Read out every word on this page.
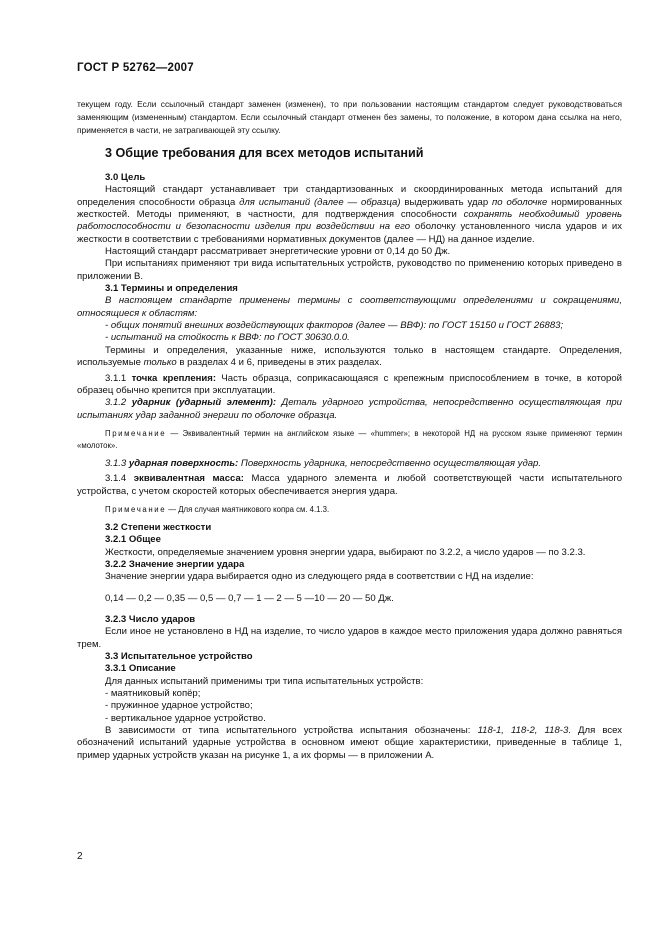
ГОСТ Р 52762—2007
текущем году. Если ссылочный стандарт заменен (изменен), то при пользовании настоящим стандартом следует руководствоваться заменяющим (измененным) стандартом. Если ссылочный стандарт отменен без замены, то положение, в котором дана ссылка на него, применяется в части, не затрагивающей эту ссылку.
3 Общие требования для всех методов испытаний

3.0 Цель

Настоящий стандарт устанавливает три стандартизованных и скоординированных метода испытаний для определения способности образца для испытаний (далее — образца) выдерживать удар по оболочке нормированных жесткостей. Методы применяют, в частности, для подтверждения способности сохранять необходимый уровень работоспособности и безопасности изделия при воздействии на его оболочку установленного числа ударов и их жесткости в соответствии с требованиями нормативных документов (далее — НД) на данное изделие.

Настоящий стандарт рассматривает энергетические уровни от 0,14 до 50 Дж.

При испытаниях применяют три вида испытательных устройств, руководство по применению которых приведено в приложении В.

3.1 Термины и определения

В настоящем стандарте применены термины с соответствующими определениями и сокращениями, относящиеся к областям:

- общих понятий внешних воздействующих факторов (далее — ВВФ): по ГОСТ 15150 и ГОСТ 26883;

- испытаний на стойкость к ВВФ: по ГОСТ 30630.0.0.

Термины и определения, указанные ниже, используются только в настоящем стандарте. Определения, используемые только в разделах 4 и 6, приведены в этих разделах.

3.1.1 точка крепления: Часть образца, соприкасающаяся с крепежным приспособлением в точке, в которой образец обычно крепится при эксплуатации.

3.1.2 ударник (ударный элемент): Деталь ударного устройства, непосредственно осуществляющая при испытаниях удар заданной энергии по оболочке образца.

Примечание — Эквивалентный термин на английском языке — «hummer»; в некоторой НД на русском языке применяют термин «молоток».

3.1.3 ударная поверхность: Поверхность ударника, непосредственно осуществляющая удар.

3.1.4 эквивалентная масса: Масса ударного элемента и любой соответствующей части испытательного устройства, с учетом скоростей которых обеспечивается энергия удара.

Примечание — Для случая маятникового копра см. 4.1.3.

3.2 Степени жесткости

3.2.1 Общее

Жесткости, определяемые значением уровня энергии удара, выбирают по 3.2.2, а число ударов — по 3.2.3.

3.2.2 Значение энергии удара

Значение энергии удара выбирается одно из следующего ряда в соответствии с НД на изделие:

0,14 — 0,2 — 0,35 — 0,5 — 0,7 — 1 — 2 — 5 —10 — 20 — 50 Дж.

3.2.3 Число ударов

Если иное не установлено в НД на изделие, то число ударов в каждое место приложения удара должно равняться трем.

3.3 Испытательное устройство

3.3.1 Описание

Для данных испытаний применимы три типа испытательных устройств:

- маятниковый копёр;

- пружинное ударное устройство;

- вертикальное ударное устройство.

В зависимости от типа испытательного устройства испытания обозначены: 118-1, 118-2, 118-3. Для всех обозначений испытаний ударные устройства в основном имеют общие характеристики, приведенные в таблице 1, пример ударных устройств указан на рисунке 1, а их формы — в приложении А.

2
